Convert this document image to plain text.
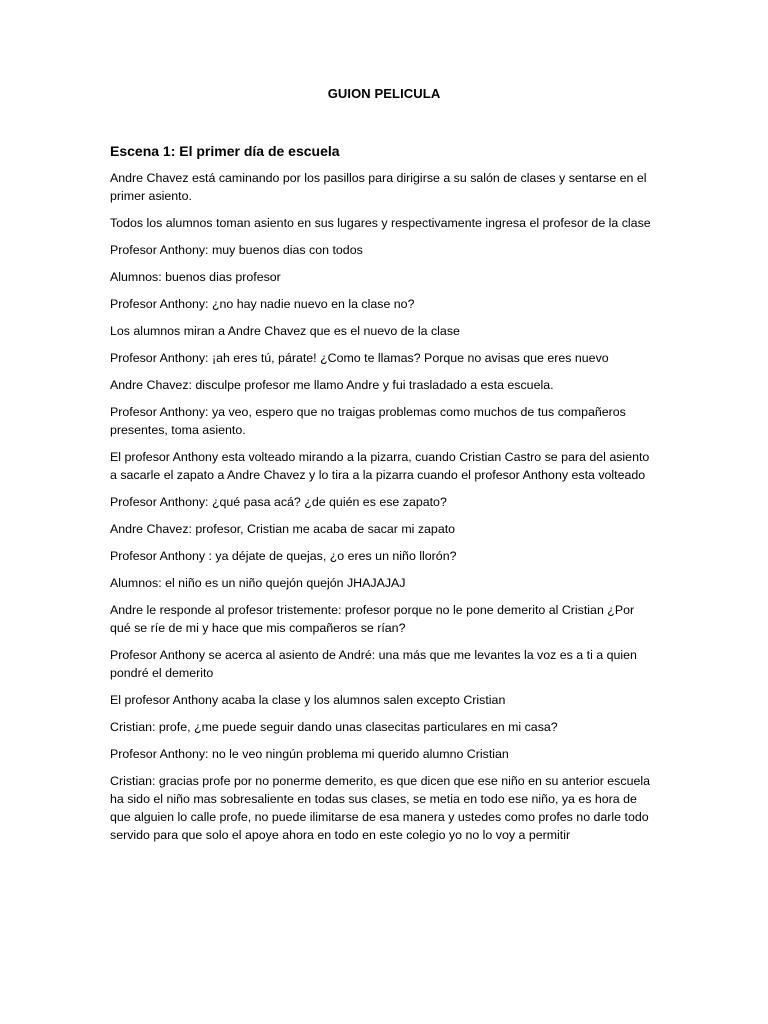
GUION PELICULA
Escena 1: El primer día de escuela

Andre Chavez está caminando por los pasillos para dirigirse a su salón de clases y sentarse en el primer asiento.

Todos los alumnos toman asiento en sus lugares y respectivamente ingresa el profesor de la clase

Profesor Anthony: muy buenos dias con todos

Alumnos: buenos dias profesor

Profesor Anthony: ¿no hay nadie nuevo en la clase no?

Los alumnos miran a Andre Chavez que es el nuevo de la clase

Profesor Anthony: ¡ah eres tú, párate! ¿Como te llamas? Porque no avisas que eres nuevo

Andre Chavez: disculpe profesor me llamo Andre y fui trasladado a esta escuela.

Profesor Anthony: ya veo, espero que no traigas problemas como muchos de tus compañeros presentes, toma asiento.

El profesor Anthony esta volteado mirando a la pizarra, cuando Cristian Castro se para del asiento a sacarle el zapato a Andre Chavez y lo tira a la pizarra cuando el profesor Anthony esta volteado

Profesor Anthony: ¿qué pasa acá? ¿de quién es ese zapato?

Andre Chavez: profesor, Cristian me acaba de sacar mi zapato

Profesor Anthony : ya déjate de quejas, ¿o eres un niño llorón?

Alumnos: el niño es un niño quejón quejón JHAJAJAJ

Andre le responde al profesor tristemente: profesor porque no le pone demerito al Cristian ¿Por qué se ríe de mi y hace que mis compañeros se rían?

Profesor Anthony se acerca al asiento de André: una más que me levantes la voz es a ti a quien pondré el demerito

El profesor Anthony acaba la clase y los alumnos salen excepto Cristian

Cristian: profe, ¿me puede seguir dando unas clasecitas particulares en mi casa?

Profesor Anthony: no le veo ningún problema mi querido alumno Cristian

Cristian: gracias profe por no ponerme demerito, es que dicen que ese niño en su anterior escuela ha sido el niño mas sobresaliente en todas sus clases, se metia en todo ese niño, ya es hora de que alguien lo calle profe, no puede ilimitarse de esa manera y ustedes como profes no darle todo servido para que solo el apoye ahora en todo en este colegio yo no lo voy a permitir
